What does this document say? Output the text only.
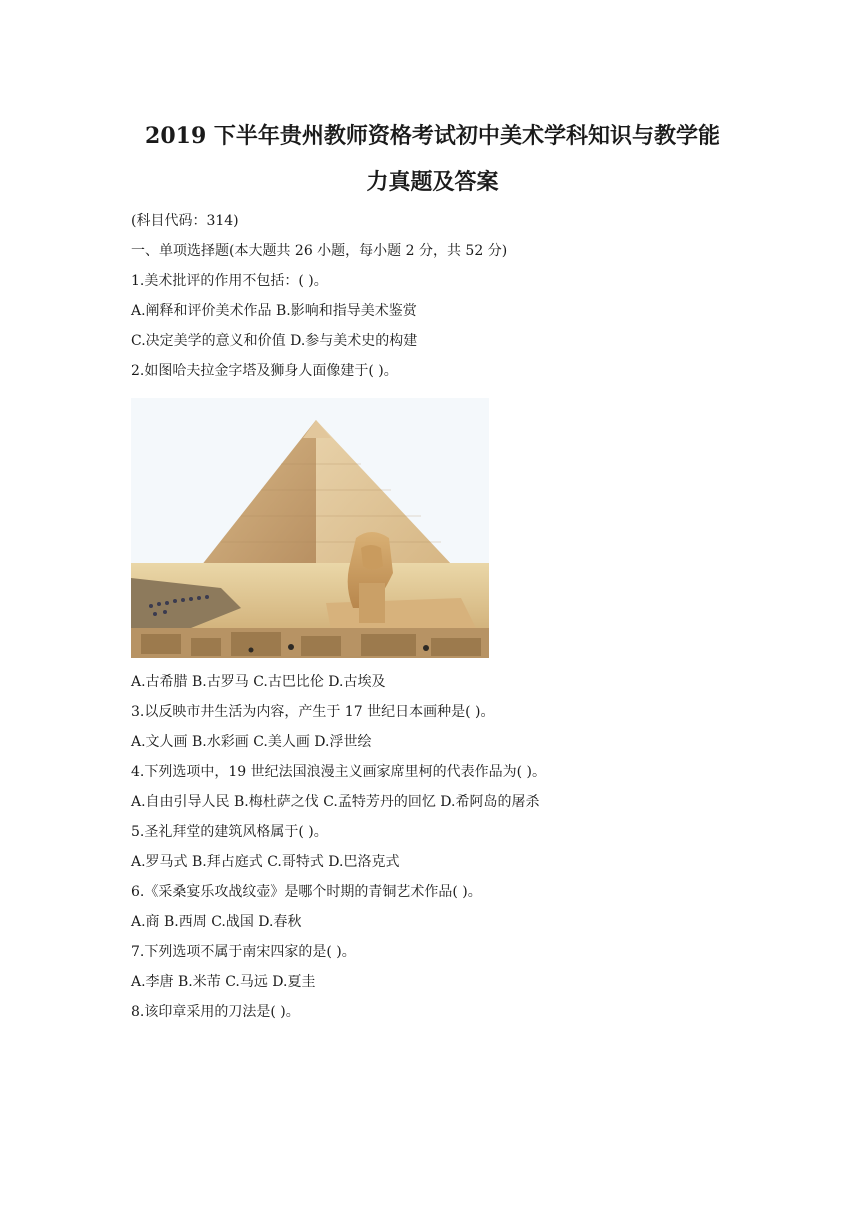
2019 下半年贵州教师资格考试初中美术学科知识与教学能
力真题及答案
(科目代码：314)
一、单项选择题(本大题共 26 小题，每小题 2 分，共 52 分)
1.美术批评的作用不包括：( )。
A.阐释和评价美术作品 B.影响和指导美术鉴赏
C.决定美学的意义和价值 D.参与美术史的构建
2.如图哈夫拉金字塔及狮身人面像建于( )。
A.古希腊 B.古罗马 C.古巴比伦 D.古埃及
3.以反映市井生活为内容，产生于 17 世纪日本画种是( )。
A.文人画 B.水彩画 C.美人画 D.浮世绘
4.下列选项中，19 世纪法国浪漫主义画家席里柯的代表作品为( )。
A.自由引导人民 B.梅杜萨之伐 C.孟特芳丹的回忆 D.希阿岛的屠杀
5.圣礼拜堂的建筑风格属于( )。
A.罗马式 B.拜占庭式 C.哥特式 D.巴洛克式
6.《采桑宴乐攻战纹壶》是哪个时期的青铜艺术作品( )。
A.商 B.西周 C.战国 D.春秋
7.下列选项不属于南宋四家的是( )。
A.李唐 B.米芾 C.马远 D.夏圭
8.该印章采用的刀法是( )。
